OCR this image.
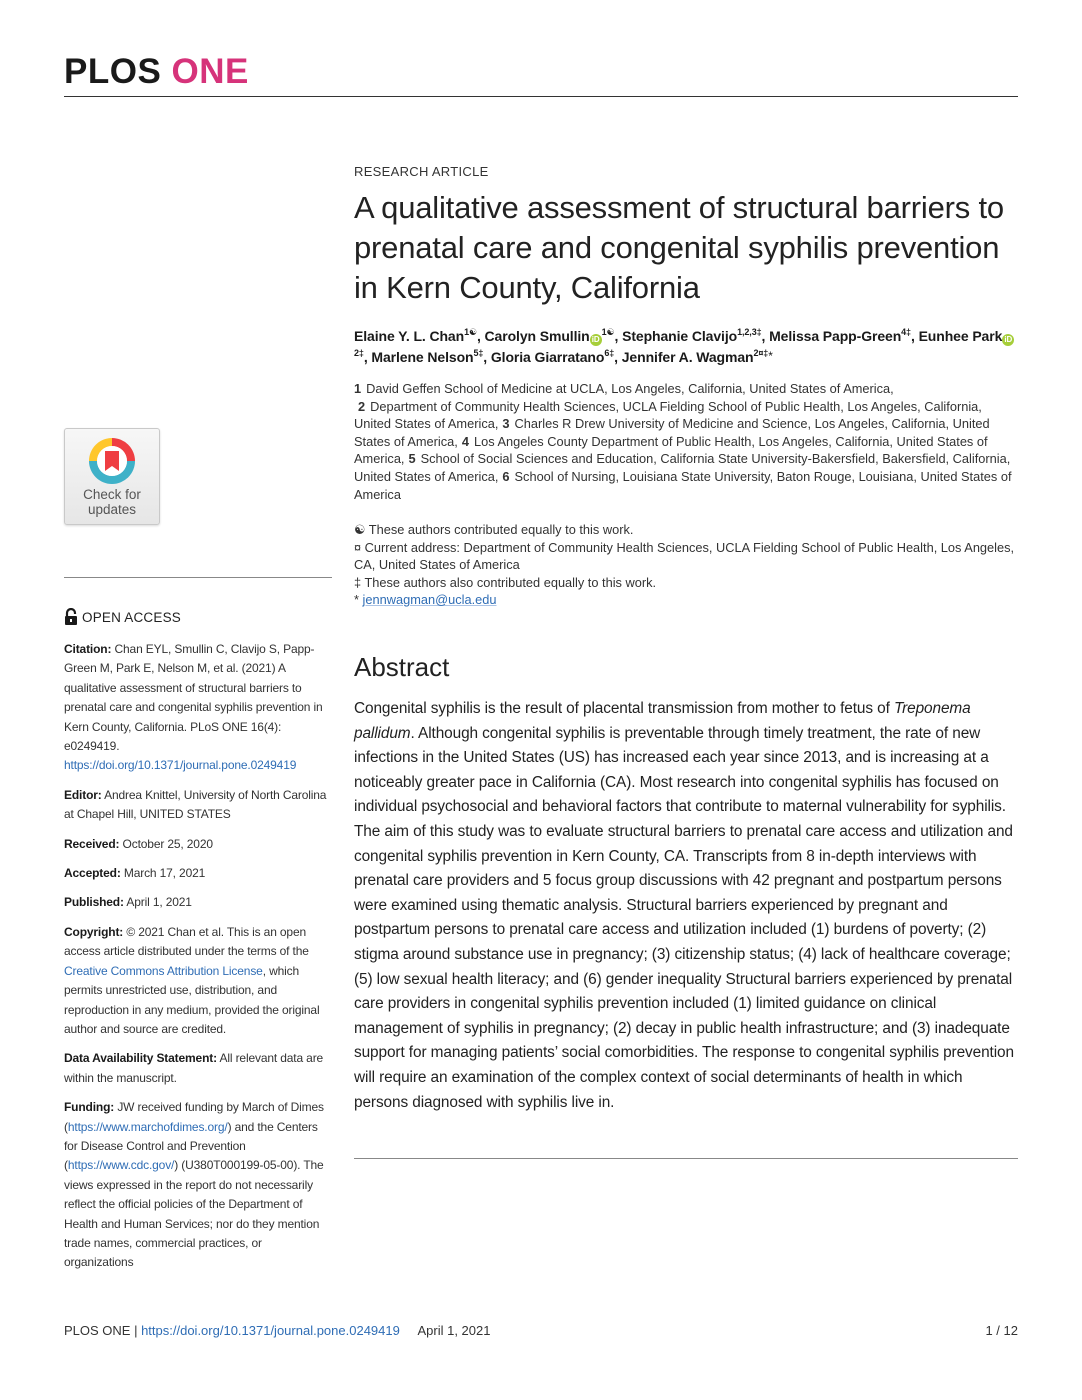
PLOS ONE
Check for
updates
OPEN ACCESS

Citation: Chan EYL, Smullin C, Clavijo S, Papp-Green M, Park E, Nelson M, et al. (2021) A qualitative assessment of structural barriers to prenatal care and congenital syphilis prevention in Kern County, California. PLoS ONE 16(4): e0249419. https://doi.org/10.1371/journal.pone.0249419

Editor: Andrea Knittel, University of North Carolina at Chapel Hill, UNITED STATES

Received: October 25, 2020

Accepted: March 17, 2021

Published: April 1, 2021

Copyright: © 2021 Chan et al. This is an open access article distributed under the terms of the Creative Commons Attribution License, which permits unrestricted use, distribution, and reproduction in any medium, provided the original author and source are credited.

Data Availability Statement: All relevant data are within the manuscript.

Funding: JW received funding by March of Dimes (https://www.marchofdimes.org/) and the Centers for Disease Control and Prevention (https://www.cdc.gov/) (U380T000199-05-00). The views expressed in the report do not necessarily reflect the official policies of the Department of Health and Human Services; nor do they mention trade names, commercial practices, or organizations

RESEARCH ARTICLE
A qualitative assessment of structural barriers to prenatal care and congenital syphilis prevention in Kern County, California
Elaine Y. L. Chan$^{1☯}$, Carolyn Smullin $iD^{1☯}$, Stephanie Clavijo$^{1,2,3\ddagger}$, Melissa Papp-Green$^{4\ddagger}$, Eunhee Park $iD^{2\ddagger}$, Marlene Nelson$^{5\ddagger}$, Gloria Giarratano$^{6\ddagger}$, Jennifer A. Wagman$^{2¤\ddagger}$*
1 David Geffen School of Medicine at UCLA, Los Angeles, California, United States of America,
2 Department of Community Health Sciences, UCLA Fielding School of Public Health, Los Angeles, California, United States of America, 3 Charles R Drew University of Medicine and Science, Los Angeles, California, United States of America, 4 Los Angeles County Department of Public Health, Los Angeles, California, United States of America, 5 School of Social Sciences and Education, California State University-Bakersfield, Bakersfield, California, United States of America, 6 School of Nursing, Louisiana State University, Baton Rouge, Louisiana, United States of America
☯ These authors contributed equally to this work.
¤ Current address: Department of Community Health Sciences, UCLA Fielding School of Public Health, Los Angeles, CA, United States of America
‡ These authors also contributed equally to this work.
* jennwagman@ucla.edu
Abstract
Congenital syphilis is the result of placental transmission from mother to fetus of Treponema pallidum. Although congenital syphilis is preventable through timely treatment, the rate of new infections in the United States (US) has increased each year since 2013, and is increasing at a noticeably greater pace in California (CA). Most research into congenital syphilis has focused on individual psychosocial and behavioral factors that contribute to maternal vulnerability for syphilis. The aim of this study was to evaluate structural barriers to prenatal care access and utilization and congenital syphilis prevention in Kern County, CA. Transcripts from 8 in-depth interviews with prenatal care providers and 5 focus group discussions with 42 pregnant and postpartum persons were examined using thematic analysis. Structural barriers experienced by pregnant and postpartum persons to prenatal care access and utilization included (1) burdens of poverty; (2) stigma around substance use in pregnancy; (3) citizenship status; (4) lack of healthcare coverage; (5) low sexual health literacy; and (6) gender inequality Structural barriers experienced by prenatal care providers in congenital syphilis prevention included (1) limited guidance on clinical management of syphilis in pregnancy; (2) decay in public health infrastructure; and (3) inadequate support for managing patients’ social comorbidities. The response to congenital syphilis prevention will require an examination of the complex context of social determinants of health in which persons diagnosed with syphilis live in.
PLOS ONE | https://doi.org/10.1371/journal.pone.0249419 April 1, 2021	1 / 12
